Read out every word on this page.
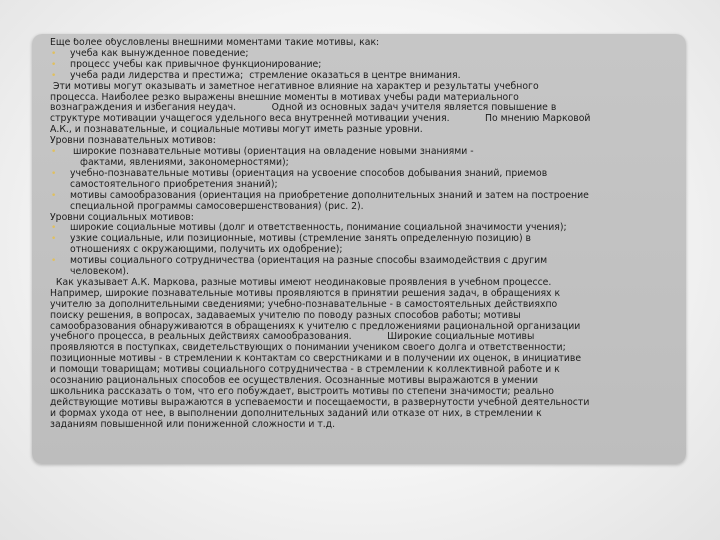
Еще более обусловлены внешними моментами такие мотивы, как:
• учеба как вынужденное поведение;
• процесс учебы как привычное функционирование;
• учеба ради лидерства и престижа;  стремление оказаться в центре внимания.
Эти мотивы могут оказывать и заметное негативное влияние на характер и результаты учебного
процесса. Наиболее резко выражены внешние моменты в мотивах учебы ради материального
вознаграждения и избегания неудач.            Одной из основных задач учителя является повышение в
структуре мотивации учащегося удельного веса внутренней мотивации учения.            По мнению Марковой
А.К., и познавательные, и социальные мотивы могут иметь разные уровни.
Уровни познавательных мотивов:
• широкие познавательные мотивы (ориентация на овладение новыми знаниями -
фактами, явлениями, закономерностями);
• учебно-познавательные мотивы (ориентация на усвоение способов добывания знаний, приемов
самостоятельного приобретения знаний);
• мотивы самообразования (ориентация на приобретение дополнительных знаний и затем на построение
специальной программы самосовершенствования) (рис. 2).
Уровни социальных мотивов:
• широкие социальные мотивы (долг и ответственность, понимание социальной значимости учения);
• узкие социальные, или позиционные, мотивы (стремление занять определенную позицию) в
отношениях с окружающими, получить их одобрение);
• мотивы социального сотрудничества (ориентация на разные способы взаимодействия с другим
человеком).
Как указывает А.К. Маркова, разные мотивы имеют неодинаковые проявления в учебном процессе.
Например, широкие познавательные мотивы проявляются в принятии решения задач, в обращениях к
учителю за дополнительными сведениями; учебно-познавательные - в самостоятельных действияхпо
поиску решения, в вопросах, задаваемых учителю по поводу разных способов работы; мотивы
самообразования обнаруживаются в обращениях к учителю с предложениями рациональной организации
учебного процесса, в реальных действиях самообразования.            Широкие социальные мотивы
проявляются в поступках, свидетельствующих о понимании учеником своего долга и ответственности;
позиционные мотивы - в стремлении к контактам со сверстниками и в получении их оценок, в инициативе
и помощи товарищам; мотивы социального сотрудничества - в стремлении к коллективной работе и к
осознанию рациональных способов ее осуществления. Осознанные мотивы выражаются в умении
школьника рассказать о том, что его побуждает, выстроить мотивы по степени значимости; реально
действующие мотивы выражаются в успеваемости и посещаемости, в развернутости учебной деятельности
и формах ухода от нее, в выполнении дополнительных заданий или отказе от них, в стремлении к
заданиям повышенной или пониженной сложности и т.д.
